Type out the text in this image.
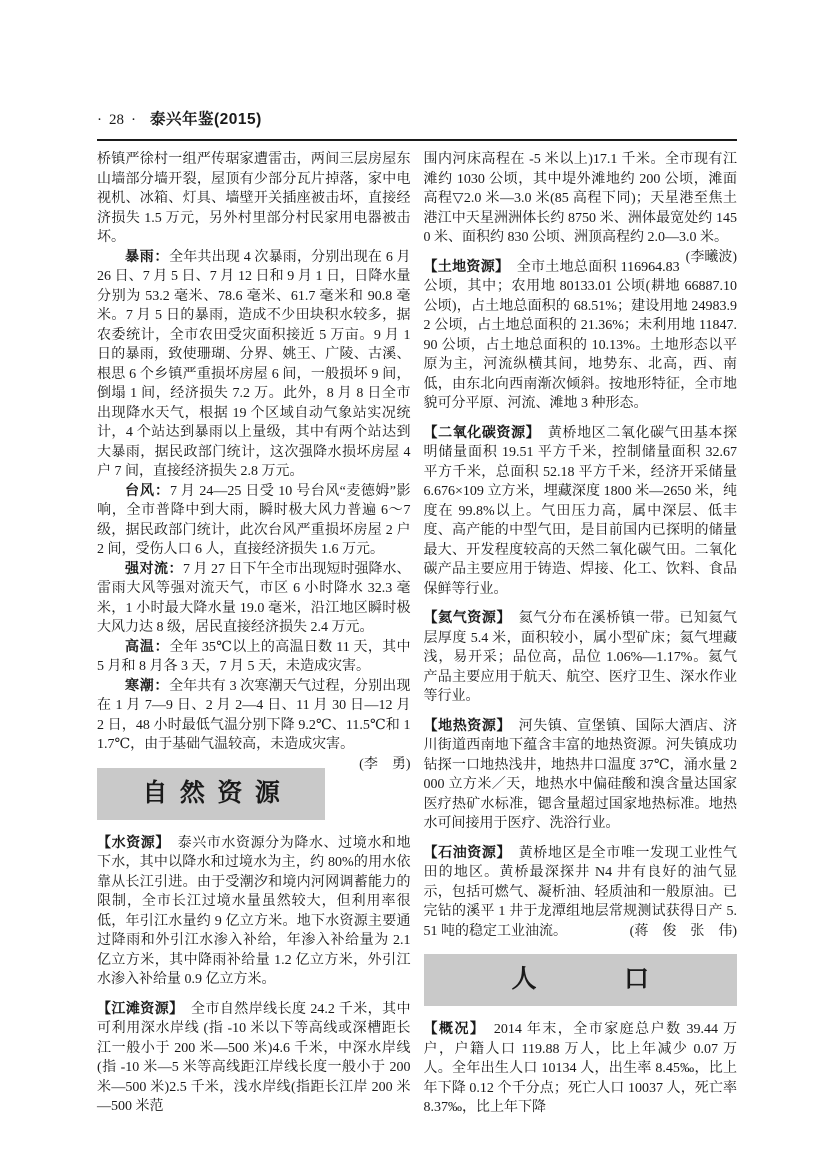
· 28 · 泰兴年鉴(2015)

桥镇严徐村一组严传琚家遭雷击，两间三层房屋东山墙部分墙开裂，屋顶有少部分瓦片掉落，家中电视机、冰箱、灯具、墙壁开关插座被击坏，直接经济损失 1.5 万元，另外村里部分村民家用电器被击坏。

暴雨：全年共出现 4 次暴雨，分别出现在 6 月 26 日、7 月 5 日、7 月 12 日和 9 月 1 日，日降水量分别为 53.2 毫米、78.6 毫米、61.7 毫米和 90.8 毫米。7 月 5 日的暴雨，造成不少田块积水较多，据农委统计，全市农田受灾面积接近 5 万亩。9 月 1 日的暴雨，致使珊瑚、分界、姚王、广陵、古溪、根思 6 个乡镇严重损坏房屋 6 间，一般损坏 9 间，倒塌 1 间，经济损失 7.2 万。此外，8 月 8 日全市出现降水天气，根据 19 个区域自动气象站实况统计，4 个站达到暴雨以上量级，其中有两个站达到大暴雨，据民政部门统计，这次强降水损坏房屋 4 户 7 间，直接经济损失 2.8 万元。

台风：7 月 24—25 日受 10 号台风“麦德姆”影响，全市普降中到大雨，瞬时极大风力普遍 6～7 级，据民政部门统计，此次台风严重损坏房屋 2 户 2 间，受伤人口 6 人，直接经济损失 1.6 万元。

强对流：7 月 27 日下午全市出现短时强降水、雷雨大风等强对流天气，市区 6 小时降水 32.3 毫米，1 小时最大降水量 19.0 毫米，沿江地区瞬时极大风力达 8 级，居民直接经济损失 2.4 万元。

高温：全年 35℃以上的高温日数 11 天，其中 5 月和 8 月各 3 天，7 月 5 天，未造成灾害。

寒潮：全年共有 3 次寒潮天气过程，分别出现在 1 月 7—9 日、2 月 2—4 日、11 月 30 日—12 月 2 日，48 小时最低气温分别下降 9.2℃、11.5℃和 11.7℃，由于基础气温较高，未造成灾害。
(李　勇)

自然资源

【水资源】　 泰兴市水资源分为降水、过境水和地下水，其中以降水和过境水为主，约 80%的用水依靠从长江引进。由于受潮汐和境内河网调蓄能力的限制，全市长江过境水量虽然较大，但利用率很低，年引江水量约 9 亿立方米。地下水资源主要通过降雨和外引江水渗入补给，年渗入补给量为 2.1 亿立方米，其中降雨补给量 1.2 亿立方米，外引江水渗入补给量 0.9 亿立方米。

【江滩资源】　 全市自然岸线长度 24.2 千米，其中可利用深水岸线 (指 -10 米以下等高线或深槽距长江一般小于 200 米—500 米)4.6 千米，中深水岸线 (指 -10 米—5 米等高线距江岸线长度一般小于 200 米—500 米)2.5 千米，浅水岸线(指距长江岸 200 米—500 米范

围内河床高程在 -5 米以上)17.1 千米。全市现有江滩约 1030 公顷，其中堤外滩地约 200 公顷，滩面高程▽2.0 米—3.0 米(85 高程下同)；天星港至焦土港江中天星洲洲体长约 8750 米、洲体最宽处约 1450 米、面积约 830 公顷、洲顶高程约 2.0—3.0 米。
(李曦波)

【土地资源】　 全市土地总面积 116964.83 公顷，其中；农用地 80133.01 公顷(耕地 66887.10 公顷)，占土地总面积的 68.51%；建设用地 24983.92 公顷，占土地总面积的 21.36%；未利用地 11847.90 公顷，占土地总面积的 10.13%。土地形态以平原为主，河流纵横其间，地势东、北高，西、南低，由东北向西南渐次倾斜。按地形特征，全市地貌可分平原、河流、滩地 3 种形态。

【二氧化碳资源】　 黄桥地区二氧化碳气田基本探明储量面积 19.51 平方千米，控制储量面积 32.67 平方千米，总面积 52.18 平方千米，经济开采储量 6.676×109 立方米，埋藏深度 1800 米—2650 米，纯度在 99.8%以上。气田压力高，属中深层、低丰度、高产能的中型气田，是目前国内已探明的储量最大、开发程度较高的天然二氧化碳气田。二氧化碳产品主要应用于铸造、焊接、化工、饮料、食品保鲜等行业。

【氦气资源】　 氦气分布在溪桥镇一带。已知氦气层厚度 5.4 米，面积较小，属小型矿床；氦气埋藏浅，易开采；品位高，品位 1.06%—1.17%。氦气产品主要应用于航天、航空、医疗卫生、深水作业等行业。

【地热资源】　 河失镇、宣堡镇、国际大酒店、济川街道西南地下蕴含丰富的地热资源。河失镇成功钻探一口地热浅井，地热井口温度 37℃，涌水量 2000 立方米／天，地热水中偏硅酸和溴含量达国家医疗热矿水标准，锶含量超过国家地热标准。地热水可间接用于医疗、洗浴行业。

【石油资源】　 黄桥地区是全市唯一发现工业性气田的地区。黄桥最深探井 N4 井有良好的油气显示，包括可燃气、凝析油、轻质油和一般原油。已完钻的溪平 1 井于龙潭组地层常规测试获得日产 5.51 吨的稳定工业油流。	(蒋　俊　张　伟)

人　　口

【概况】　 2014 年末，全市家庭总户数 39.44 万户，户籍人口 119.88 万人，比上年减少 0.07 万人。全年出生人口 10134 人，出生率 8.45‰，比上年下降 0.12 个千分点；死亡人口 10037 人，死亡率 8.37‰，比上年下降
